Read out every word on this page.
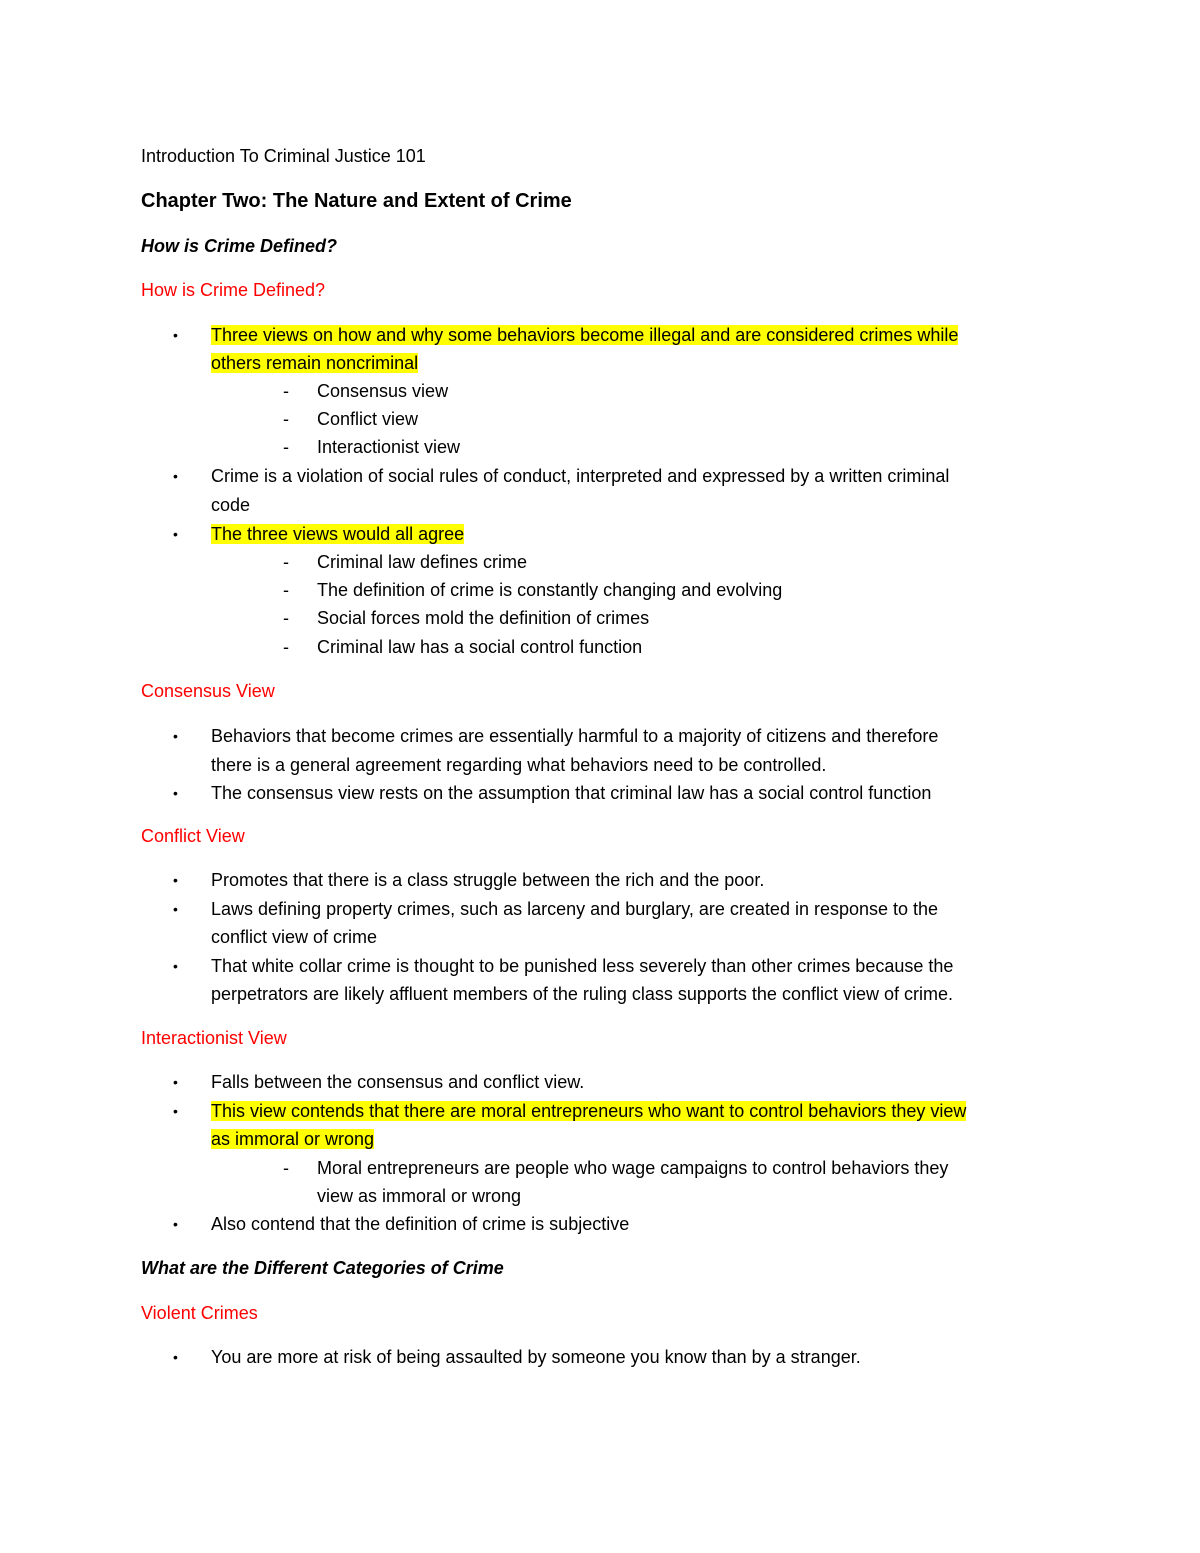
Introduction To Criminal Justice 101
Chapter Two: The Nature and Extent of Crime
How is Crime Defined?
How is Crime Defined?
• Three views on how and why some behaviors become illegal and are considered crimes while
others remain noncriminal
- Consensus view
- Conflict view
- Interactionist view
• Crime is a violation of social rules of conduct, interpreted and expressed by a written criminal
code
• The three views would all agree
- Criminal law defines crime
- The definition of crime is constantly changing and evolving
- Social forces mold the definition of crimes
- Criminal law has a social control function
Consensus View
• Behaviors that become crimes are essentially harmful to a majority of citizens and therefore
there is a general agreement regarding what behaviors need to be controlled.
• The consensus view rests on the assumption that criminal law has a social control function
Conflict View
• Promotes that there is a class struggle between the rich and the poor.
• Laws defining property crimes, such as larceny and burglary, are created in response to the
conflict view of crime
• That white collar crime is thought to be punished less severely than other crimes because the
perpetrators are likely affluent members of the ruling class supports the conflict view of crime.
Interactionist View
• Falls between the consensus and conflict view.
• This view contends that there are moral entrepreneurs who want to control behaviors they view
as immoral or wrong
- Moral entrepreneurs are people who wage campaigns to control behaviors they
view as immoral or wrong
• Also contend that the definition of crime is subjective
What are the Different Categories of Crime
Violent Crimes
• You are more at risk of being assaulted by someone you know than by a stranger.
